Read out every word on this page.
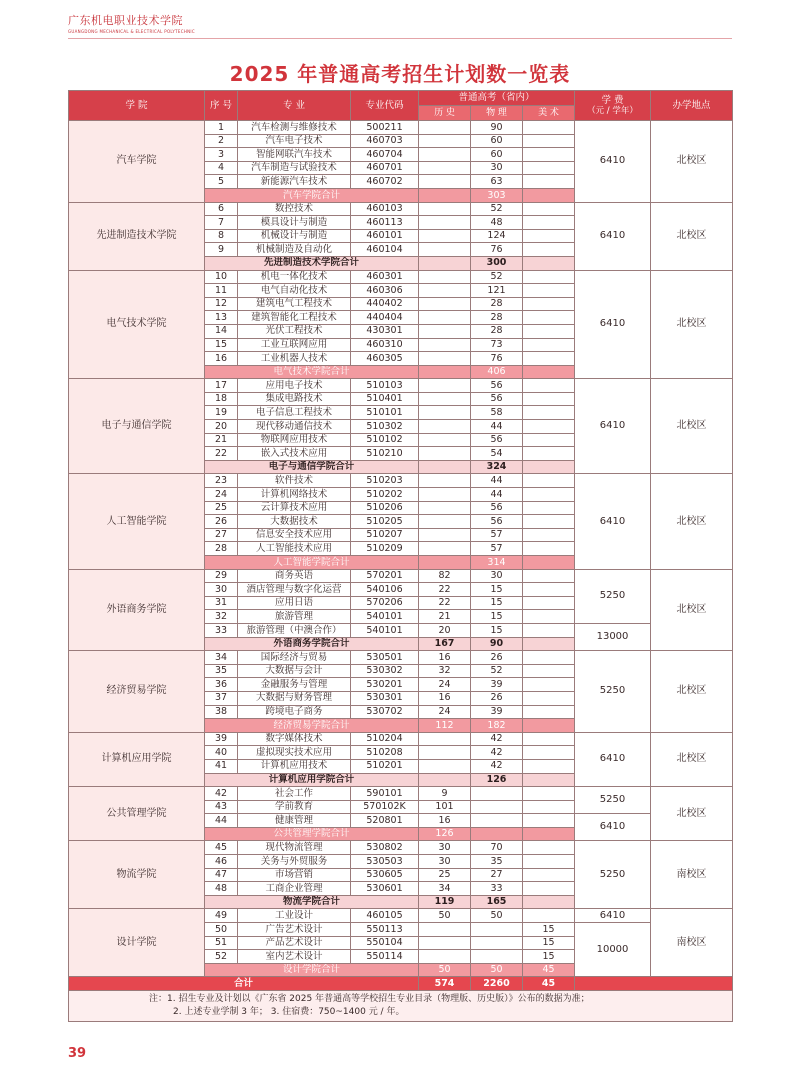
广东机电职业技术学院
GUANGDONG MECHANICAL & ELECTRICAL POLYTECHNIC
2025 年普通高考招生计划数一览表
学 院	序 号	专 业	专业代码	普通高考（省内）			学 费
（元 / 学年）	办学地点
				历 史	物 理	美 术		
汽车学院	1	汽车检测与维修技术	500211		90		6410	北校区
	2	汽车电子技术	460703		60			
	3	智能网联汽车技术	460704		60			
	4	汽车制造与试验技术	460701		30			
	5	新能源汽车技术	460702		63			
	汽车学院合计				303			
先进制造技术学院	6	数控技术	460103		52		6410	北校区
	7	模具设计与制造	460113		48			
	8	机械设计与制造	460101		124			
	9	机械制造及自动化	460104		76			
	先进制造技术学院合计				300			
电气技术学院	10	机电一体化技术	460301		52		6410	北校区
	11	电气自动化技术	460306		121			
	12	建筑电气工程技术	440402		28			
	13	建筑智能化工程技术	440404		28			
	14	光伏工程技术	430301		28			
	15	工业互联网应用	460310		73			
	16	工业机器人技术	460305		76			
	电气技术学院合计				406			
电子与通信学院	17	应用电子技术	510103		56		6410	北校区
	18	集成电路技术	510401		56			
	19	电子信息工程技术	510101		58			
	20	现代移动通信技术	510302		44			
	21	物联网应用技术	510102		56			
	22	嵌入式技术应用	510210		54			
	电子与通信学院合计				324			
人工智能学院	23	软件技术	510203		44		6410	北校区
	24	计算机网络技术	510202		44			
	25	云计算技术应用	510206		56			
	26	大数据技术	510205		56			
	27	信息安全技术应用	510207		57			
	28	人工智能技术应用	510209		57			
	人工智能学院合计				314			
外语商务学院	29	商务英语	570201	82	30		5250	北校区
	30	酒店管理与数字化运营	540106	22	15			
	31	应用日语	570206	22	15			
	32	旅游管理	540101	21	15			
	33	旅游管理（中澳合作）	540101	20	15		13000	
	外语商务学院合计			167	90			
经济贸易学院	34	国际经济与贸易	530501	16	26		5250	北校区
	35	大数据与会计	530302	32	52			
	36	金融服务与管理	530201	24	39			
	37	大数据与财务管理	530301	16	26			
	38	跨境电子商务	530702	24	39			
	经济贸易学院合计			112	182			
计算机应用学院	39	数字媒体技术	510204		42		6410	北校区
	40	虚拟现实技术应用	510208		42			
	41	计算机应用技术	510201		42			
	计算机应用学院合计				126			
公共管理学院	42	社会工作	590101	9			5250	北校区
	43	学前教育	570102K	101				
	44	健康管理	520801	16			6410	
	公共管理学院合计			126				
物流学院	45	现代物流管理	530802	30	70		5250	南校区
	46	关务与外贸服务	530503	30	35			
	47	市场营销	530605	25	27			
	48	工商企业管理	530601	34	33			
	物流学院合计			119	165			
设计学院	49	工业设计	460105	50	50		6410	南校区
	50	广告艺术设计	550113			15	10000	
	51	产品艺术设计	550104			15		
	52	室内艺术设计	550114			15		
	设计学院合计			50	50	45		
合计				574	2260	45		

注：1. 招生专业及计划以《广东省 2025 年普通高等学校招生专业目录（物理版、历史版）》公布的数据为准；
2. 上述专业学制 3 年； 3. 住宿费：750~1400 元 / 年。								
39
